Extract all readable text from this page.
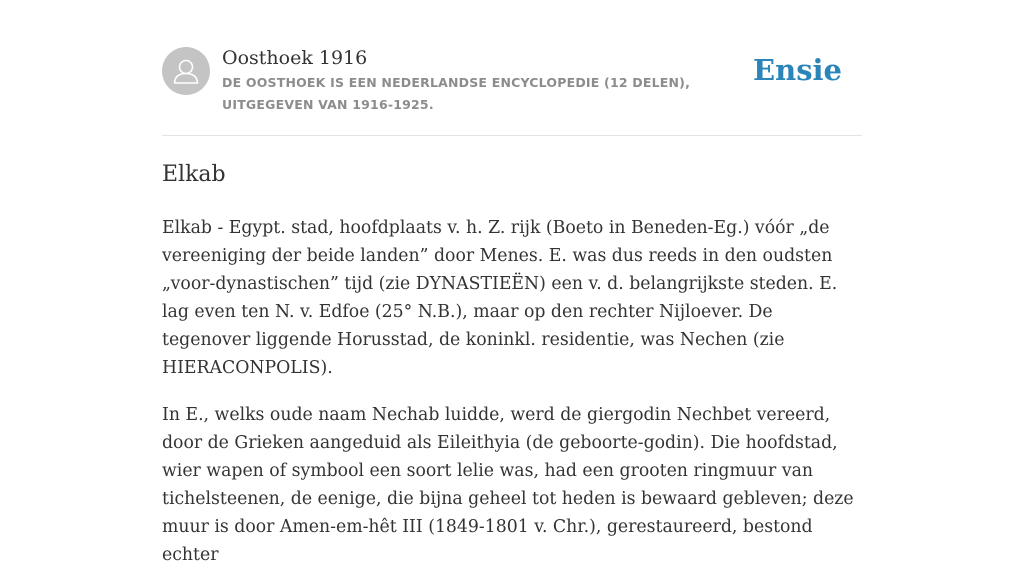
Oosthoek 1916
DE OOSTHOEK IS EEN NEDERLANDSE ENCYCLOPEDIE (12 DELEN), UITGEGEVEN VAN 1916-1925.
Ensie
Elkab

Elkab - Egypt. stad, hoofdplaats v. h. Z. rijk (Boeto in Beneden-Eg.) vóór „de vereeniging der beide landen” door Menes. E. was dus reeds in den oudsten „voor-dynastischen” tijd (zie DYNASTIEËN) een v. d. belangrijkste steden. E. lag even ten N. v. Edfoe (25° N.B.), maar op den rechter Nijloever. De tegenover liggende Horusstad, de koninkl. residentie, was Nechen (zie HIERACONPOLIS).

In E., welks oude naam Nechab luidde, werd de giergodin Nechbet vereerd, door de Grieken aangeduid als Eileithyia (de geboorte-godin). Die hoofdstad, wier wapen of symbool een soort lelie was, had een grooten ringmuur van tichelsteenen, de eenige, die bijna geheel tot heden is bewaard gebleven; deze muur is door Amen-em-hêt III (1849-1801 v. Chr.), gerestaureerd, bestond echter
